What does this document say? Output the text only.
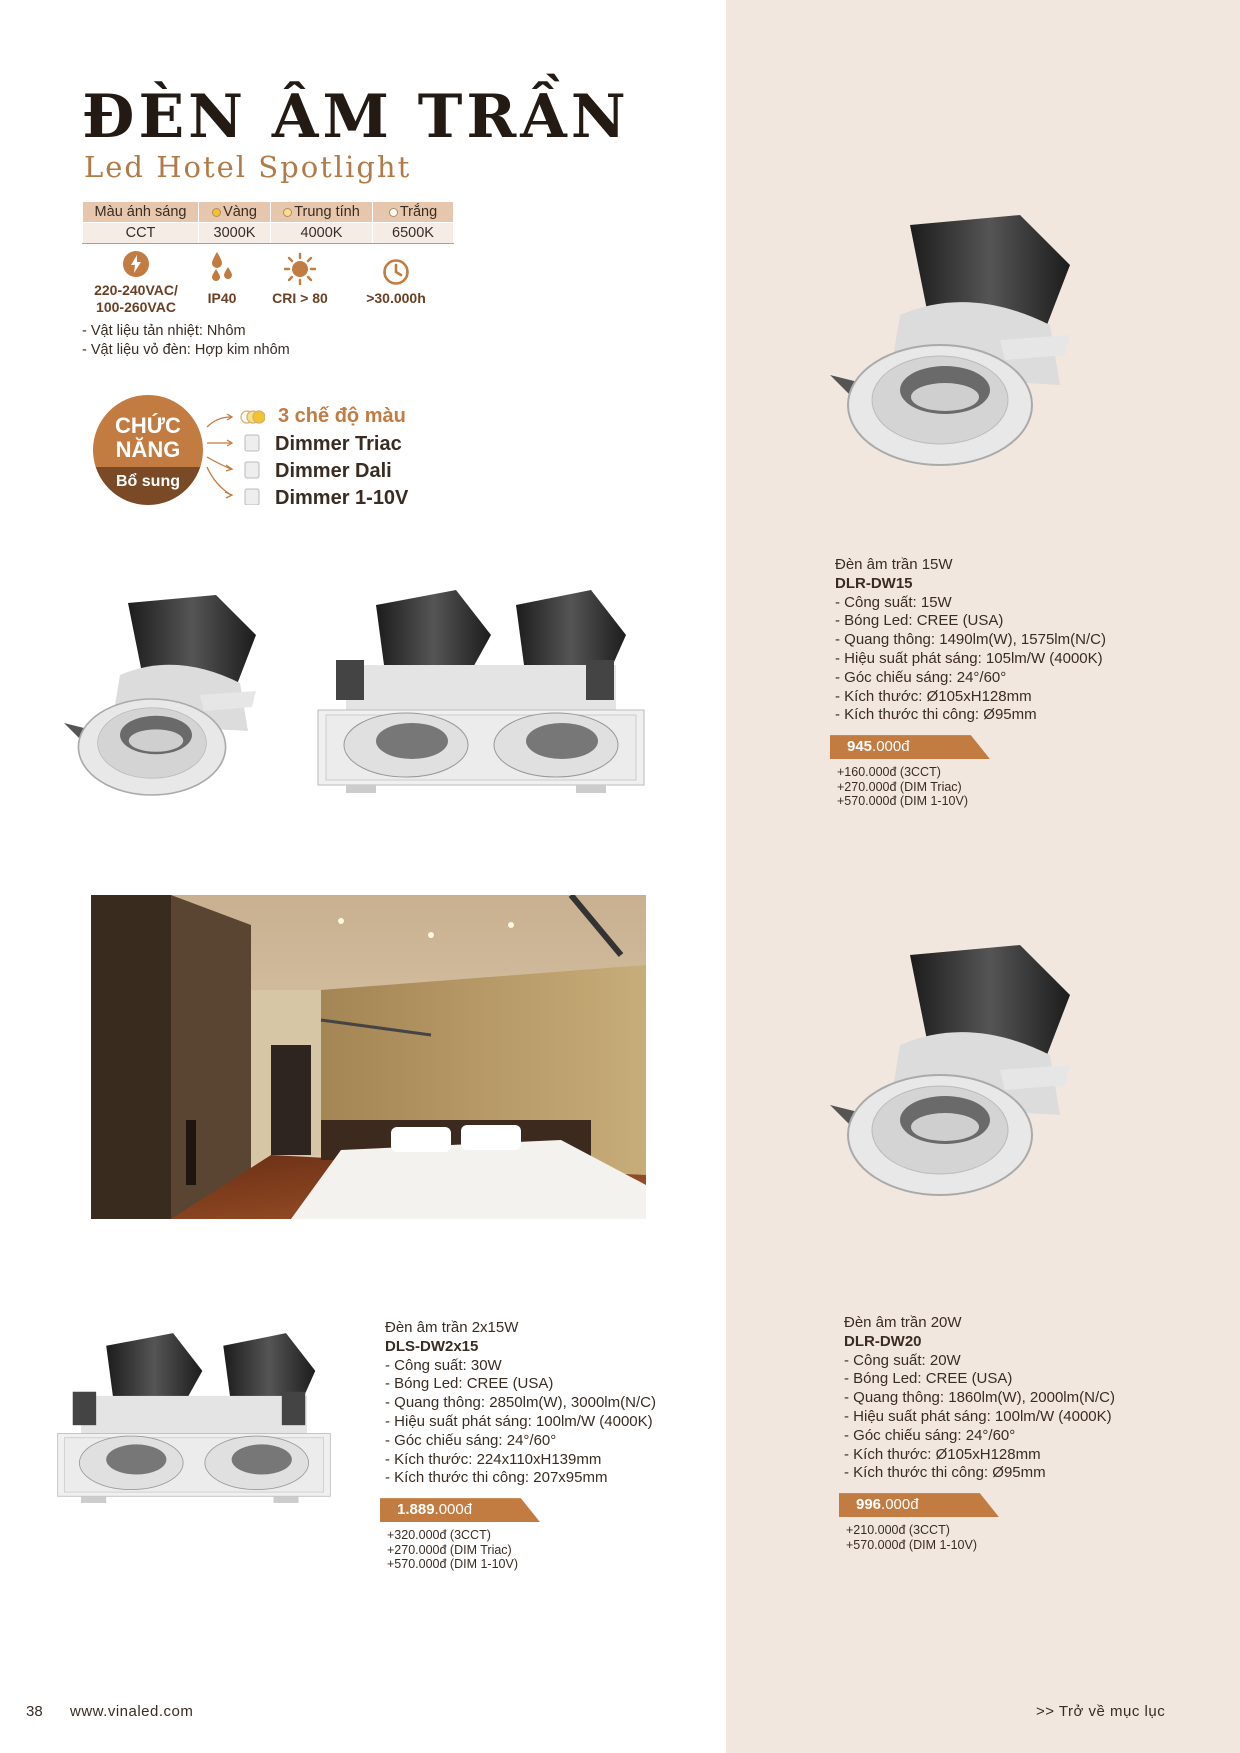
ĐÈN ÂM TRẦN
Led Hotel Spotlight
Màu ánh sáng	Vàng	Trung tính	Trắng
CCT	3000K	4000K	6500K
220-240VAC/
100-260VAC
IP40	CRI > 80	>30.000h
- Vật liệu tản nhiệt: Nhôm
- Vật liệu vỏ đèn: Hợp kim nhôm
CHỨC
NĂNG
Bổ sung
3 chế độ màu
Dimmer Triac
Dimmer Dali
Dimmer 1-10V
Đèn âm trần 15W
DLR-DW15
- Công suất: 15W
- Bóng Led: CREE (USA)
- Quang thông: 1490lm(W), 1575lm(N/C)
- Hiệu suất phát sáng: 105lm/W (4000K)
- Góc chiếu sáng: 24°/60°
- Kích thước: Ø105xH128mm
- Kích thước thi công: Ø95mm
945.000đ
+160.000đ (3CCT)
+270.000đ (DIM Triac)
+570.000đ (DIM 1-10V)
Đèn âm trần 2x15W
DLS-DW2x15
- Công suất: 30W
- Bóng Led: CREE (USA)
- Quang thông: 2850lm(W), 3000lm(N/C)
- Hiệu suất phát sáng: 100lm/W (4000K)
- Góc chiếu sáng: 24°/60°
- Kích thước: 224x110xH139mm
- Kích thước thi công: 207x95mm
1.889.000đ
+320.000đ (3CCT)
+270.000đ (DIM Triac)
+570.000đ (DIM 1-10V)
Đèn âm trần 20W
DLR-DW20
- Công suất: 20W
- Bóng Led: CREE (USA)
- Quang thông: 1860lm(W), 2000lm(N/C)
- Hiệu suất phát sáng: 100lm/W (4000K)
- Góc chiếu sáng: 24°/60°
- Kích thước: Ø105xH128mm
- Kích thước thi công: Ø95mm
996.000đ
+210.000đ (3CCT)
+570.000đ (DIM 1-10V)
38 www.vinaled.com	>> Trở về mục lục
